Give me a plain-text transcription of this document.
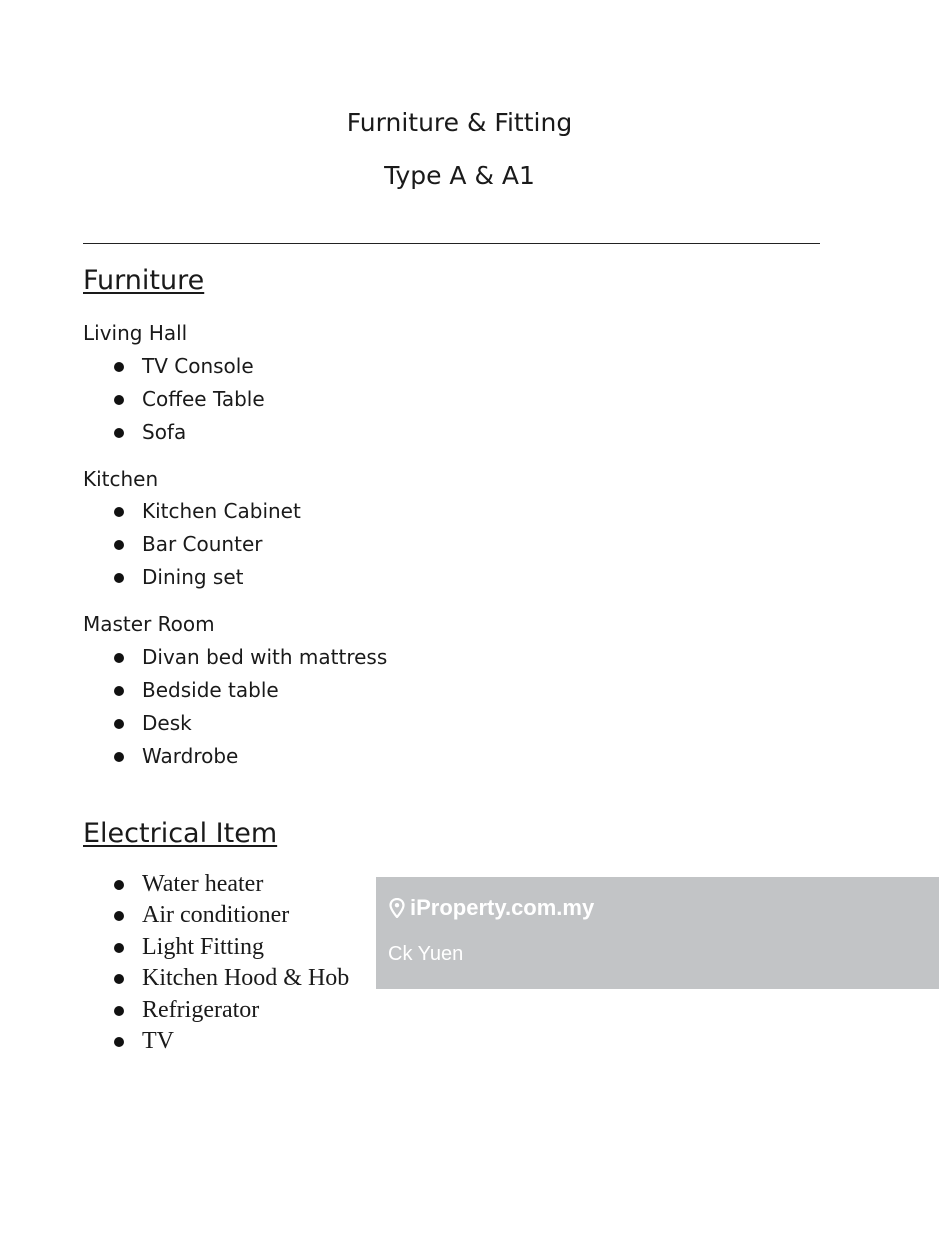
Furniture & Fitting
Type A & A1
Furniture
Living Hall
TV Console
Coffee Table
Sofa
Kitchen
Kitchen Cabinet
Bar Counter
Dining set
Master Room
Divan bed with mattress
Bedside table
Desk
Wardrobe
Electrical Item
Water heater
Air conditioner
Light Fitting
Kitchen Hood & Hob
Refrigerator
TV
iProperty.com.my
Ck Yuen
